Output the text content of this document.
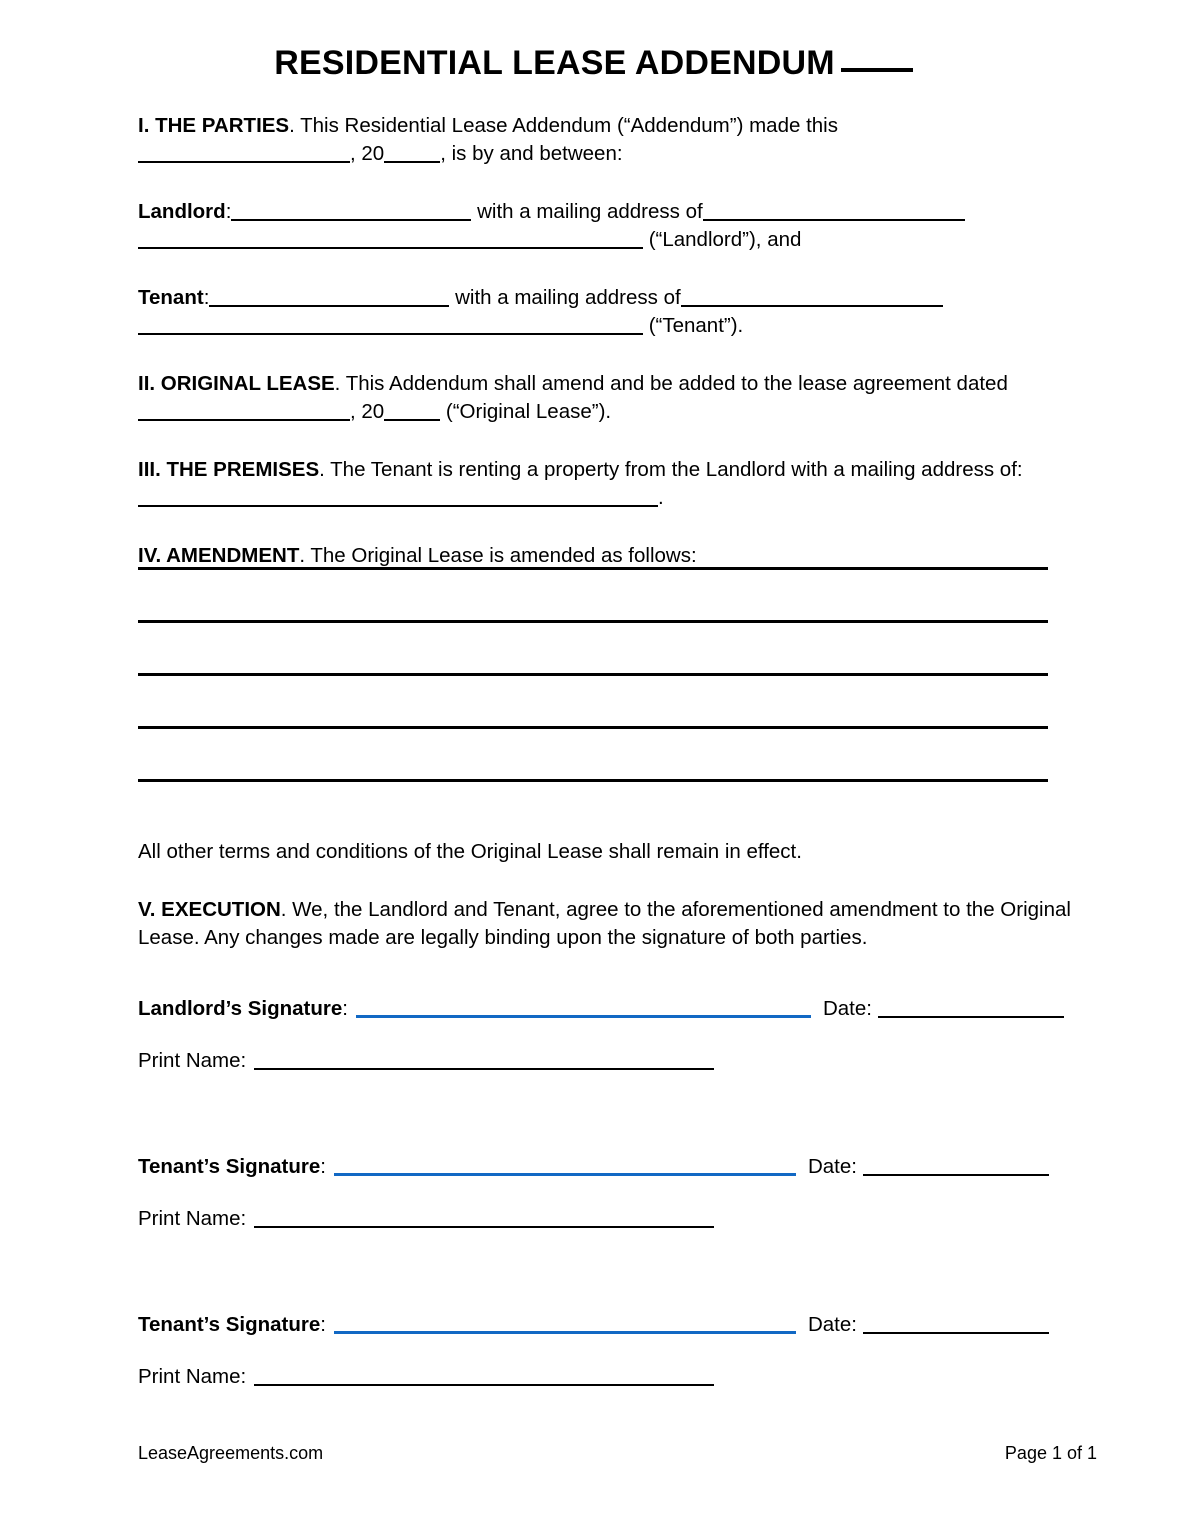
RESIDENTIAL LEASE ADDENDUM

I. THE PARTIES. This Residential Lease Addendum (“Addendum”) made this
, 20	, is by and between:

Landlord:	with a mailing address of
(“Landlord”), and

Tenant:	with a mailing address of
(“Tenant”).

II. ORIGINAL LEASE. This Addendum shall amend and be added to the lease agreement dated, 20	(“Original Lease”).

III. THE PREMISES. The Tenant is renting a property from the Landlord with a mailing address of: .

IV. AMENDMENT. The Original Lease is amended as follows:

All other terms and conditions of the Original Lease shall remain in effect.

V. EXECUTION. We, the Landlord and Tenant, agree to the aforementioned amendment to the Original Lease. Any changes made are legally binding upon the signature of both parties.

Landlord’s Signature:	Date:
Print Name:
Tenant’s Signature:	Date:
Print Name:
Tenant’s Signature:	Date:
Print Name:
LeaseAgreements.com	Page 1 of 1
